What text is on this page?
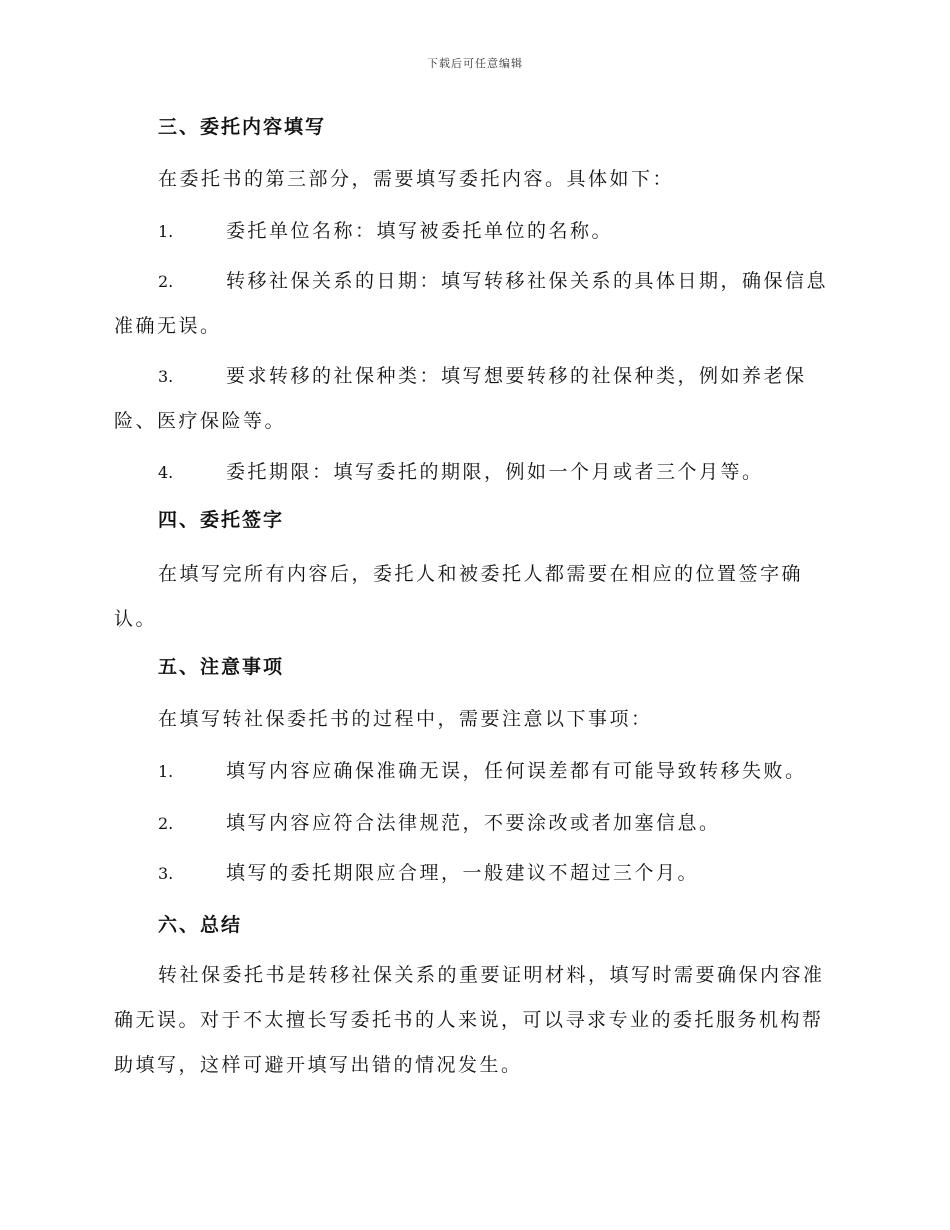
下载后可任意编辑
三、委托内容填写
在委托书的第三部分，需要填写委托内容。具体如下：
1.	委托单位名称：填写被委托单位的名称。
2.	转移社保关系的日期：填写转移社保关系的具体日期，确保信息准确无误。
3.	要求转移的社保种类：填写想要转移的社保种类，例如养老保险、医疗保险等。
4.	委托期限：填写委托的期限，例如一个月或者三个月等。
四、委托签字
在填写完所有内容后，委托人和被委托人都需要在相应的位置签字确认。
五、注意事项
在填写转社保委托书的过程中，需要注意以下事项：
1.	填写内容应确保准确无误，任何误差都有可能导致转移失败。
2.	填写内容应符合法律规范，不要涂改或者加塞信息。
3.	填写的委托期限应合理，一般建议不超过三个月。
六、总结
转社保委托书是转移社保关系的重要证明材料，填写时需要确保内容准确无误。对于不太擅长写委托书的人来说，可以寻求专业的委托服务机构帮助填写，这样可避开填写出错的情况发生。
